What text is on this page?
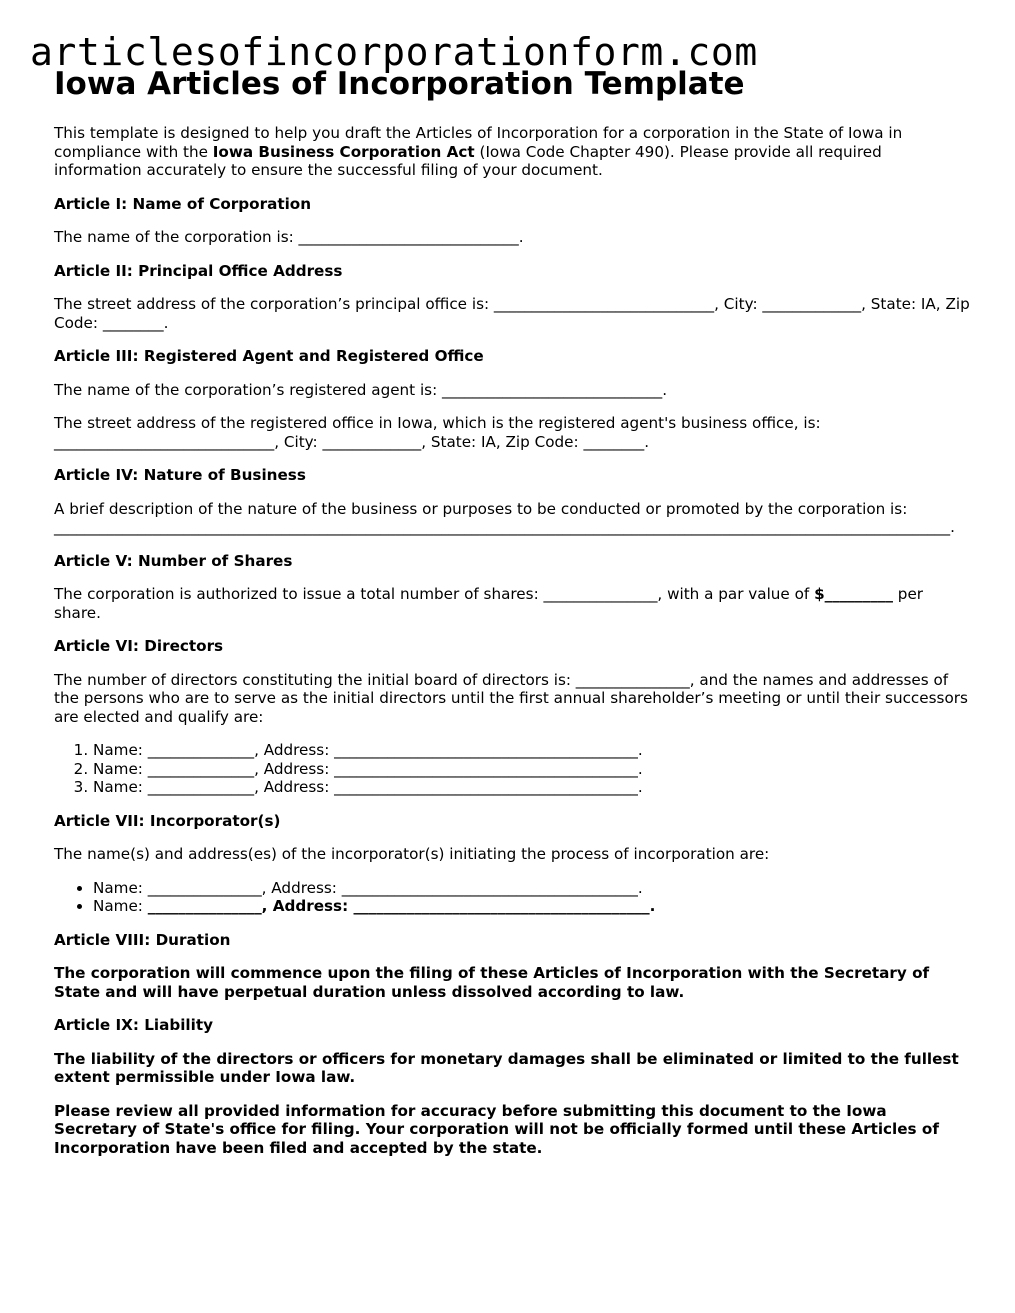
articlesofincorporationform.com
Iowa Articles of Incorporation Template

This template is designed to help you draft the Articles of Incorporation for a corporation in the State of Iowa in compliance with the Iowa Business Corporation Act (Iowa Code Chapter 490). Please provide all required information accurately to ensure the successful filing of your document.

Article I: Name of Corporation

The name of the corporation is: _____________________________.

Article II: Principal Office Address

The street address of the corporation’s principal office is: _____________________________, City: _____________, State: IA, Zip Code: ________.

Article III: Registered Agent and Registered Office

The name of the corporation’s registered agent is: _____________________________.

The street address of the registered office in Iowa, which is the registered agent's business office, is: _____________________________, City: _____________, State: IA, Zip Code: ________.

Article IV: Nature of Business

A brief description of the nature of the business or purposes to be conducted or promoted by the corporation is:
______________________________________________________________________________________________________________________.

Article V: Number of Shares

The corporation is authorized to issue a total number of shares: _______________, with a par value of $_________ per share.

Article VI: Directors

The number of directors constituting the initial board of directors is: _______________, and the names and addresses of the persons who are to serve as the initial directors until the first annual shareholder’s meeting or until their successors are elected and qualify are:

1. Name: ______________, Address: ________________________________________.
2. Name: ______________, Address: ________________________________________.
3. Name: ______________, Address: ________________________________________.
Article VII: Incorporator(s)

The name(s) and address(es) of the incorporator(s) initiating the process of incorporation are:

• Name: _______________, Address: _______________________________________.
• Name: _______________, Address: _______________________________________.
Article VIII: Duration

The corporation will commence upon the filing of these Articles of Incorporation with the Secretary of State and will have perpetual duration unless dissolved according to law.

Article IX: Liability

The liability of the directors or officers for monetary damages shall be eliminated or limited to the fullest extent permissible under Iowa law.

Please review all provided information for accuracy before submitting this document to the Iowa Secretary of State's office for filing. Your corporation will not be officially formed until these Articles of Incorporation have been filed and accepted by the state.
